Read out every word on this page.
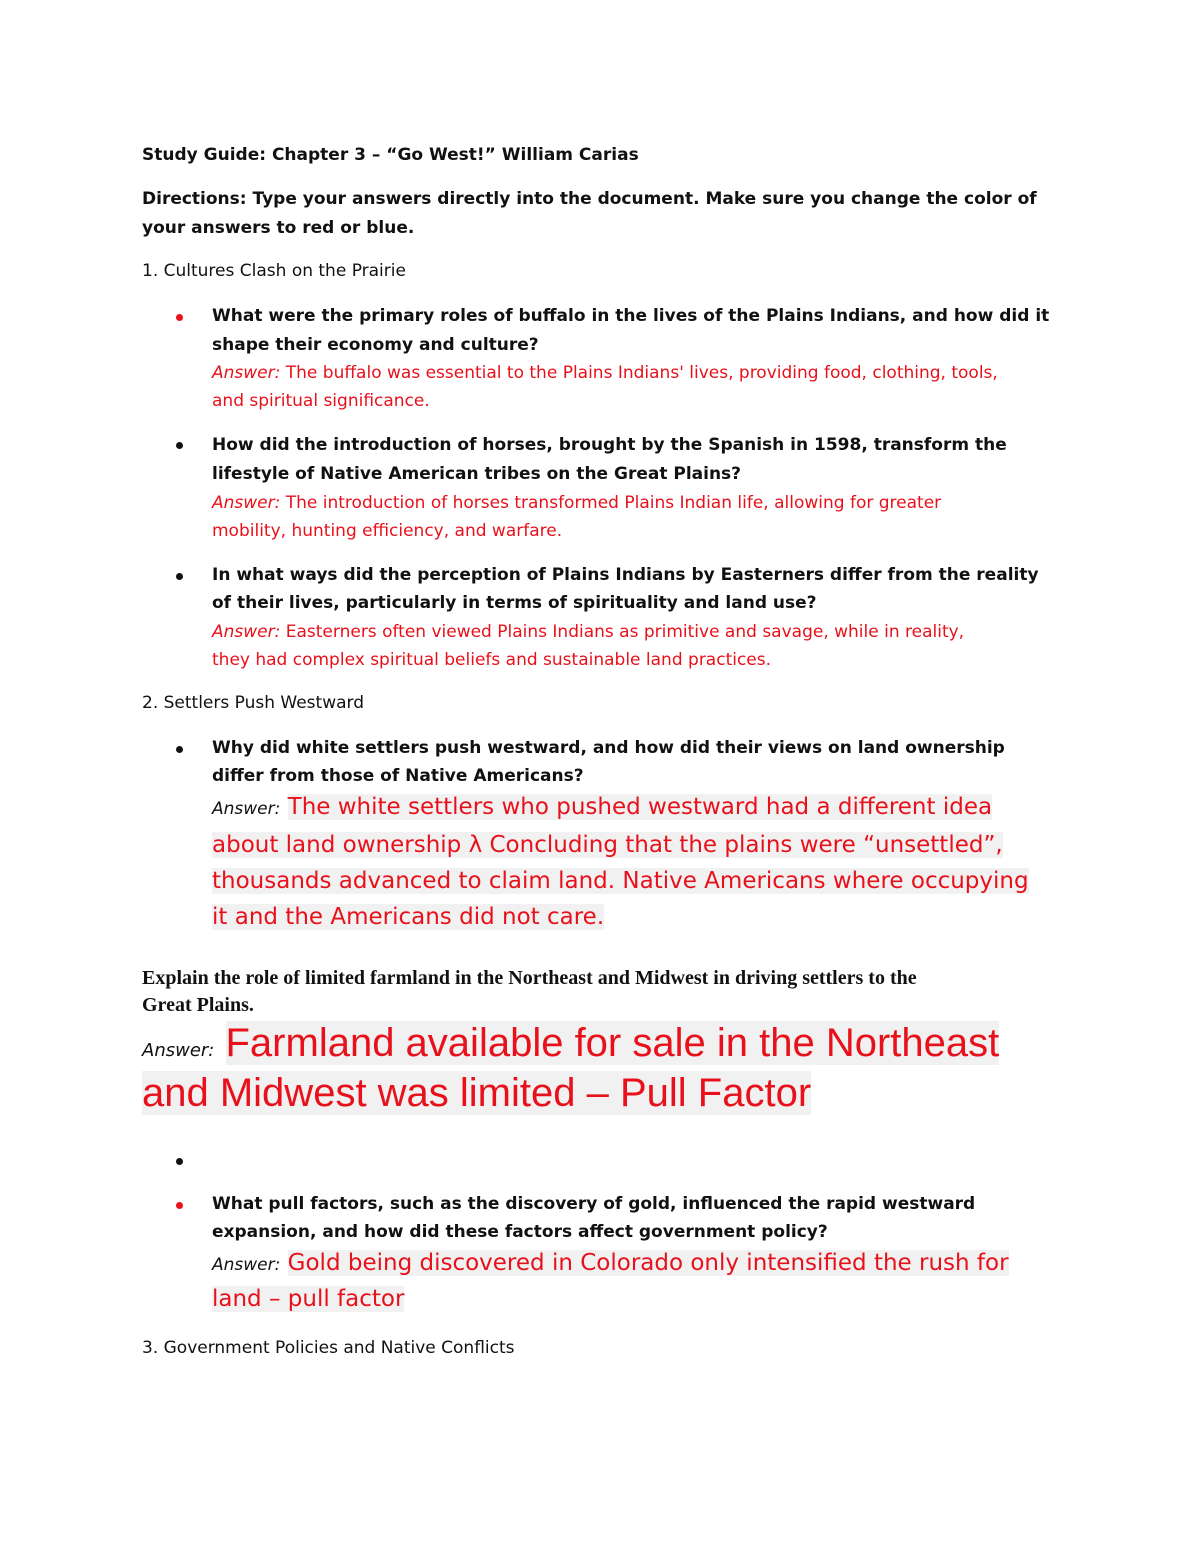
Study Guide: Chapter 3 – “Go West!” William Carias
Directions: Type your answers directly into the document. Make sure you change the color of
your answers to red or blue.
1. Cultures Clash on the Prairie
What were the primary roles of buffalo in the lives of the Plains Indians, and how did it
shape their economy and culture?
Answer: The buffalo was essential to the Plains Indians' lives, providing food, clothing, tools,
and spiritual significance.
How did the introduction of horses, brought by the Spanish in 1598, transform the
lifestyle of Native American tribes on the Great Plains?
Answer: The introduction of horses transformed Plains Indian life, allowing for greater
mobility, hunting efficiency, and warfare.
In what ways did the perception of Plains Indians by Easterners differ from the reality
of their lives, particularly in terms of spirituality and land use?
Answer: Easterners often viewed Plains Indians as primitive and savage, while in reality,
they had complex spiritual beliefs and sustainable land practices.
2. Settlers Push Westward
Why did white settlers push westward, and how did their views on land ownership
differ from those of Native Americans?
Answer: The white settlers who pushed westward had a different idea
about land ownership λ Concluding that the plains were “unsettled”,
thousands advanced to claim land. Native Americans where occupying
it and the Americans did not care.
Explain the role of limited farmland in the Northeast and Midwest in driving settlers to the
Great Plains.
Answer: Farmland available for sale in the Northeast
and Midwest was limited – Pull Factor
What pull factors, such as the discovery of gold, influenced the rapid westward
expansion, and how did these factors affect government policy?
Answer: Gold being discovered in Colorado only intensified the rush for
land – pull factor
3. Government Policies and Native Conflicts
